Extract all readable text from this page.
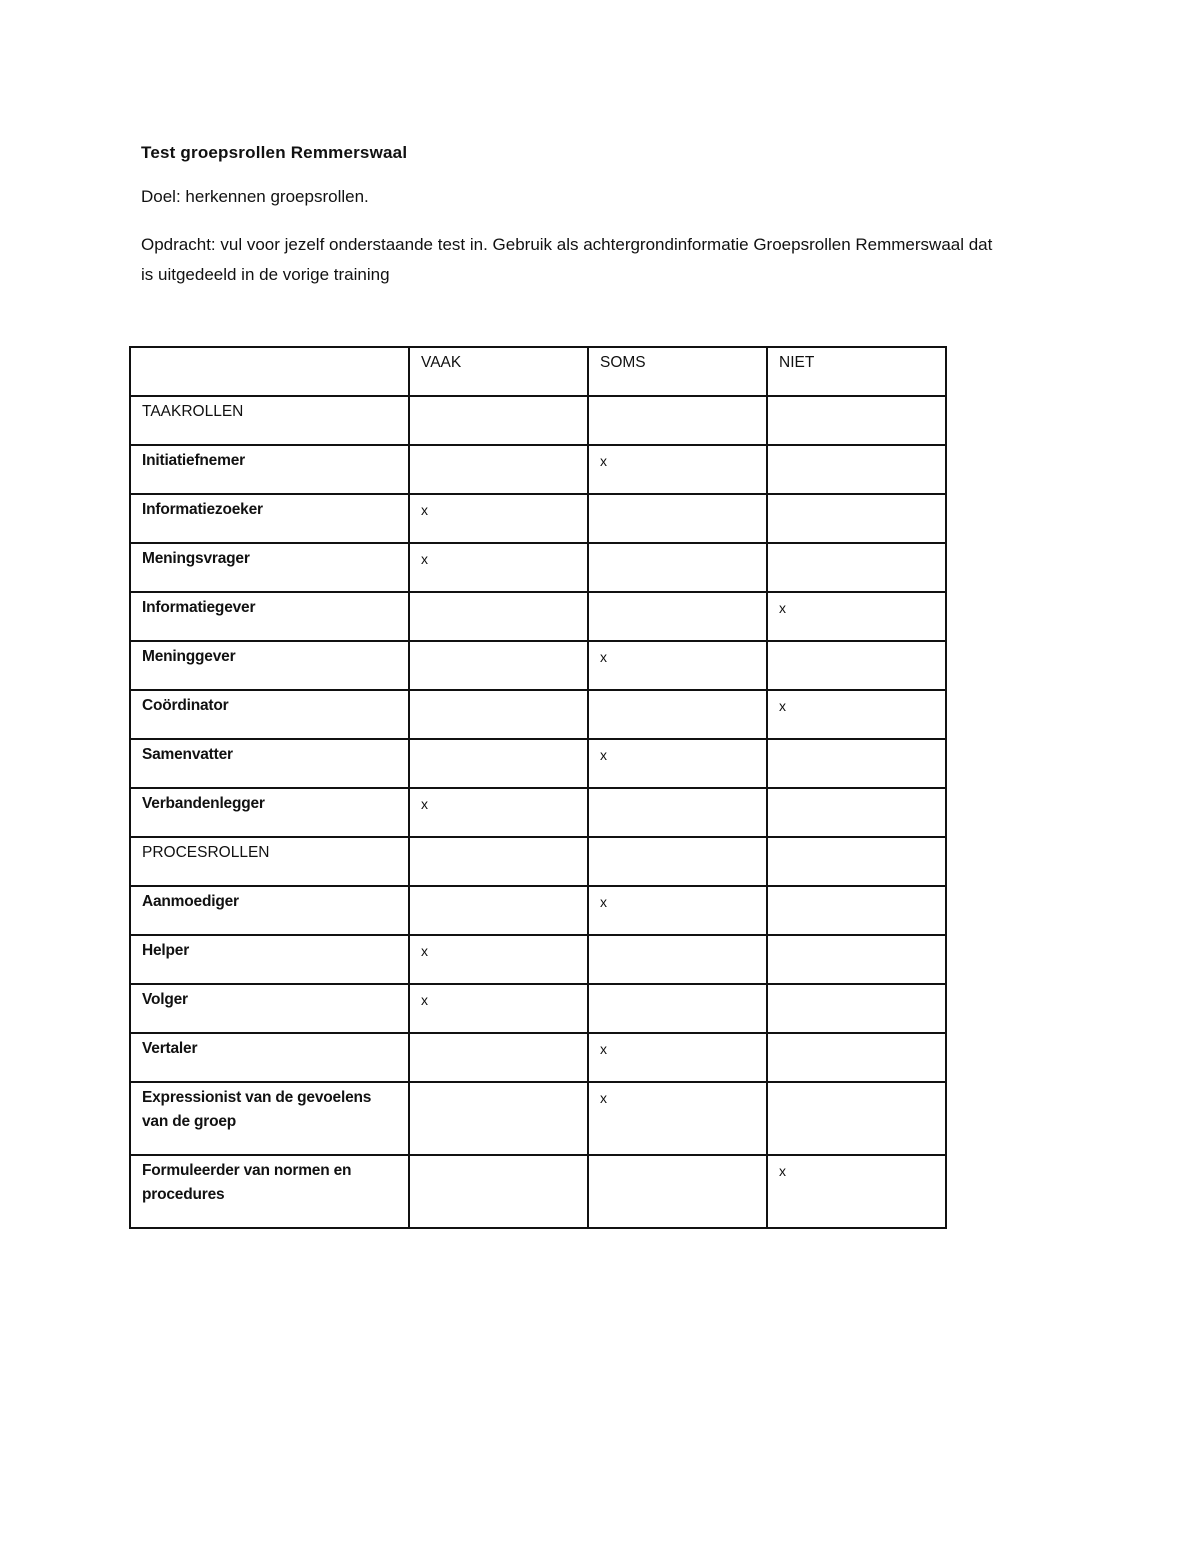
Test groepsrollen Remmerswaal
Doel: herkennen groepsrollen.
Opdracht: vul voor jezelf onderstaande test in. Gebruik als achtergrondinformatie Groepsrollen Remmerswaal dat is uitgedeeld in de vorige training
	VAAK	SOMS	NIET
TAAKROLLEN			
Initiatiefnemer		x	
Informatiezoeker	x		
Meningsvrager	x		
Informatiegever			x
Meninggever		x	
Coördinator			x
Samenvatter		x	
Verbandenlegger	x		
PROCESROLLEN			
Aanmoediger		x	
Helper	x		
Volger	x		
Vertaler		x	
Expressionist van de gevoelens van de groep		x	
Formuleerder van normen en procedures			x
